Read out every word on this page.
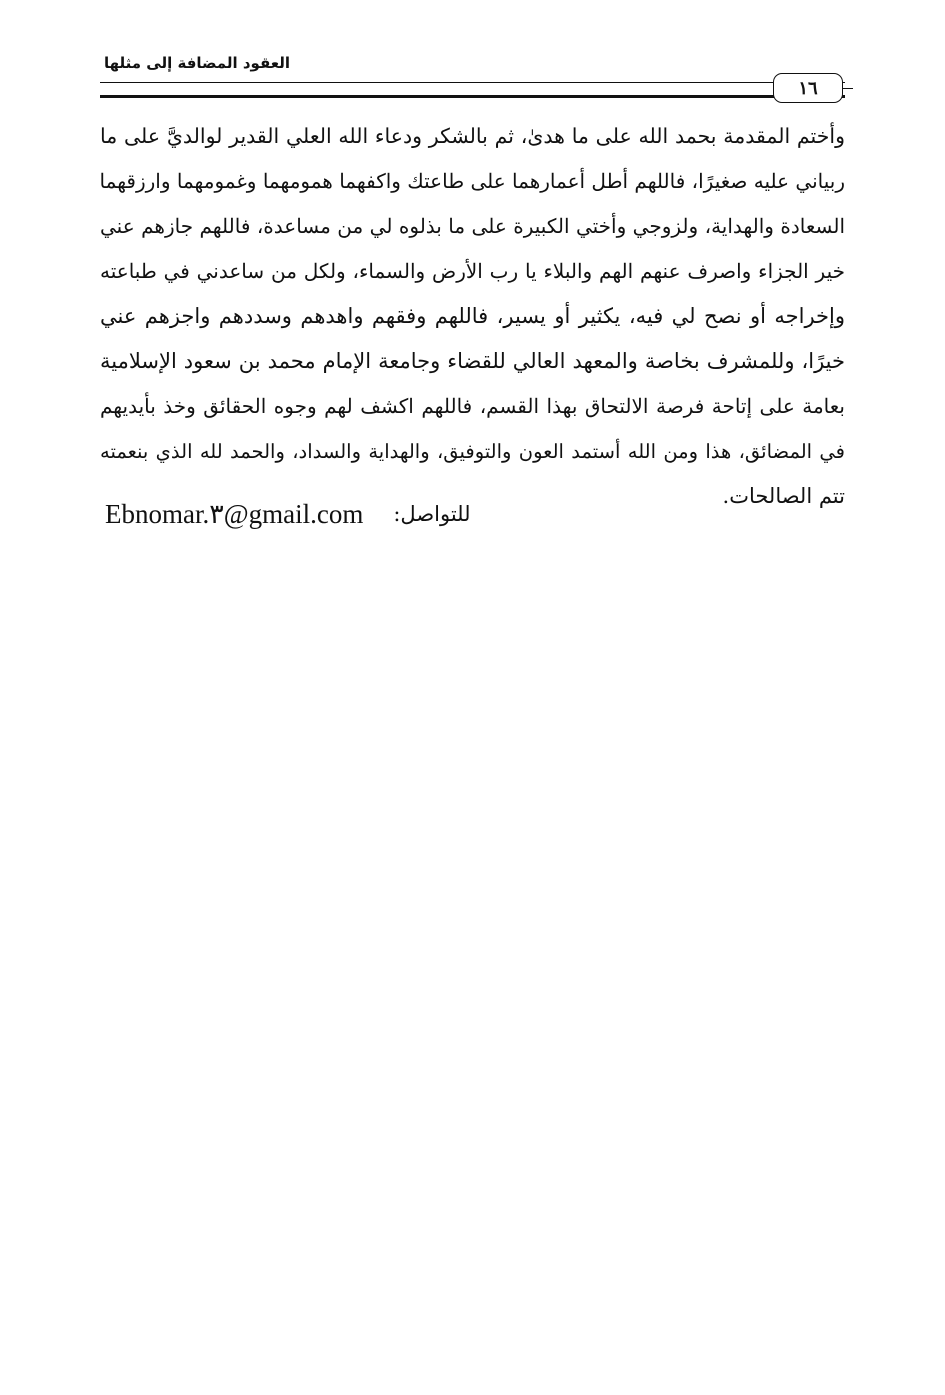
العقود المضافة إلى مثلها
١٦
وأختم المقدمة بحمد الله على ما هدىٰ، ثم بالشكر ودعاء الله العلي القدير لوالديَّ على ما
ربياني عليه صغيرًا، فاللهم أطل أعمارهما على طاعتك واكفهما همومهما وغمومهما وارزقهما
السعادة والهداية، ولزوجي وأختي الكبيرة على ما بذلوه لي من مساعدة، فاللهم جازهم عني
خير الجزاء واصرف عنهم الهم والبلاء يا رب الأرض والسماء، ولكل من ساعدني في طباعته
وإخراجه أو نصح لي فيه، يكثير أو يسير، فاللهم وفقهم واهدهم وسددهم واجزهم عني
خيرًا، وللمشرف بخاصة والمعهد العالي للقضاء وجامعة الإمام محمد بن سعود الإسلامية
بعامة على إتاحة فرصة الالتحاق بهذا القسم، فاللهم اكشف لهم وجوه الحقائق وخذ بأيديهم
في المضائق، هذا ومن الله أستمد العون والتوفيق، والهداية والسداد، والحمد لله الذي بنعمته
تتم الصالحات.
Ebnomar.٣@gmail.com للتواصل:
